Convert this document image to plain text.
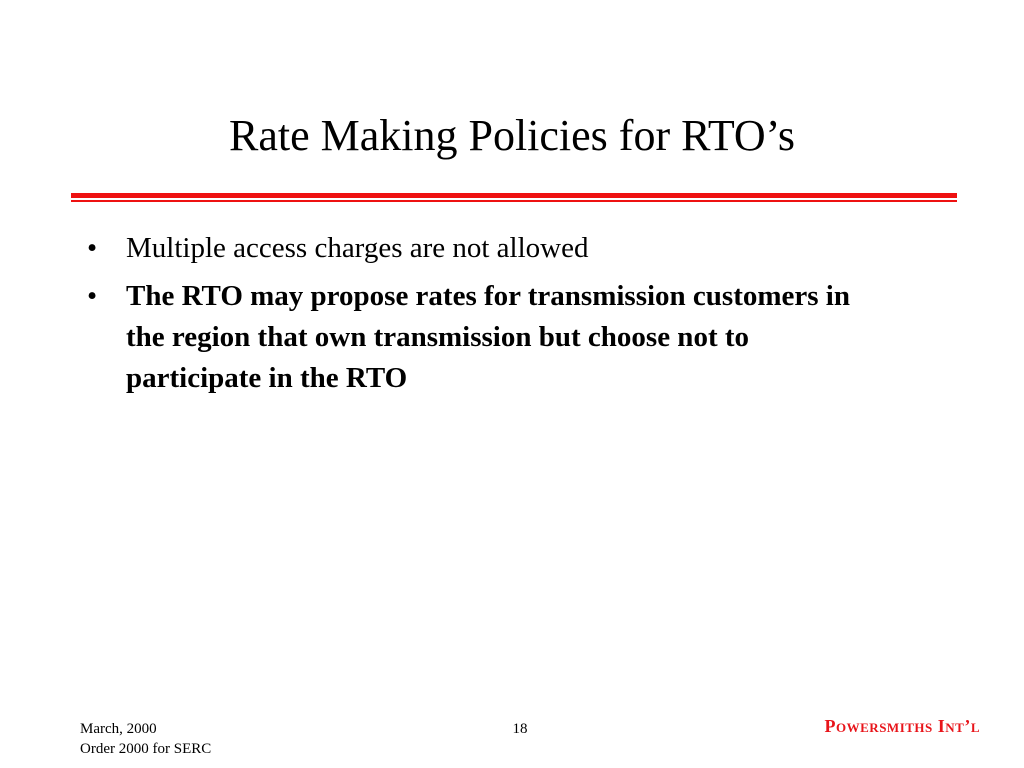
Rate Making Policies for RTO’s
• Multiple access charges are not allowed
• The RTO may propose rates for transmission customers in the region that own transmission but choose not to participate in the RTO
March, 2000
Order 2000 for SERC
18	Powersmiths Int’l
